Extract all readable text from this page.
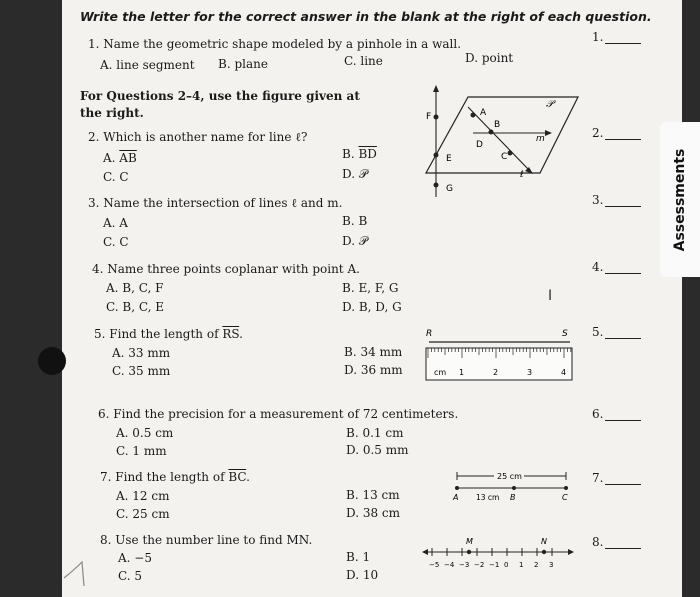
Assessments
Write the letter for the correct answer in the blank at the right of each question.
1.
2.
3.
4.
5.
6.
7.
8.
1. Name the geometric shape modeled by a pinhole in a wall.
A. line segment B. plane	C. line	D. point
For Questions 2–4, use the figure given at the right.
2. Which is another name for line ℓ?
A. $\overline{AB}$	B. $\overline{BD}$
C. C	D. 𝒫
3. Name the intersection of lines ℓ and m.
A. A	B. B
C. C	D. 𝒫
4. Name three points coplanar with point A.
A. B, C, F	B. E, F, G
C. B, C, E	D. B, D, G
I
5. Find the length of $\overline{RS}$.
A. 33 mm	B. 34 mm
C. 35 mm	D. 36 mm
6. Find the precision for a measurement of 72 centimeters.
A. 0.5 cm	B. 0.1 cm
C. 1 mm	D. 0.5 mm
7. Find the length of $\overline{BC}$.
A. 12 cm	B. 13 cm
C. 25 cm	D. 38 cm
8. Use the number line to find MN.
A. −5	B. 1
C. 5	D. 10
F	A
B
D
E
G
C
𝒫
m
ℓ
R	S
cm 1	2	3	4
25 cm
A 13 cm B	C
M	N
−5 −4 −3 −2 −1 0 1 2 3
